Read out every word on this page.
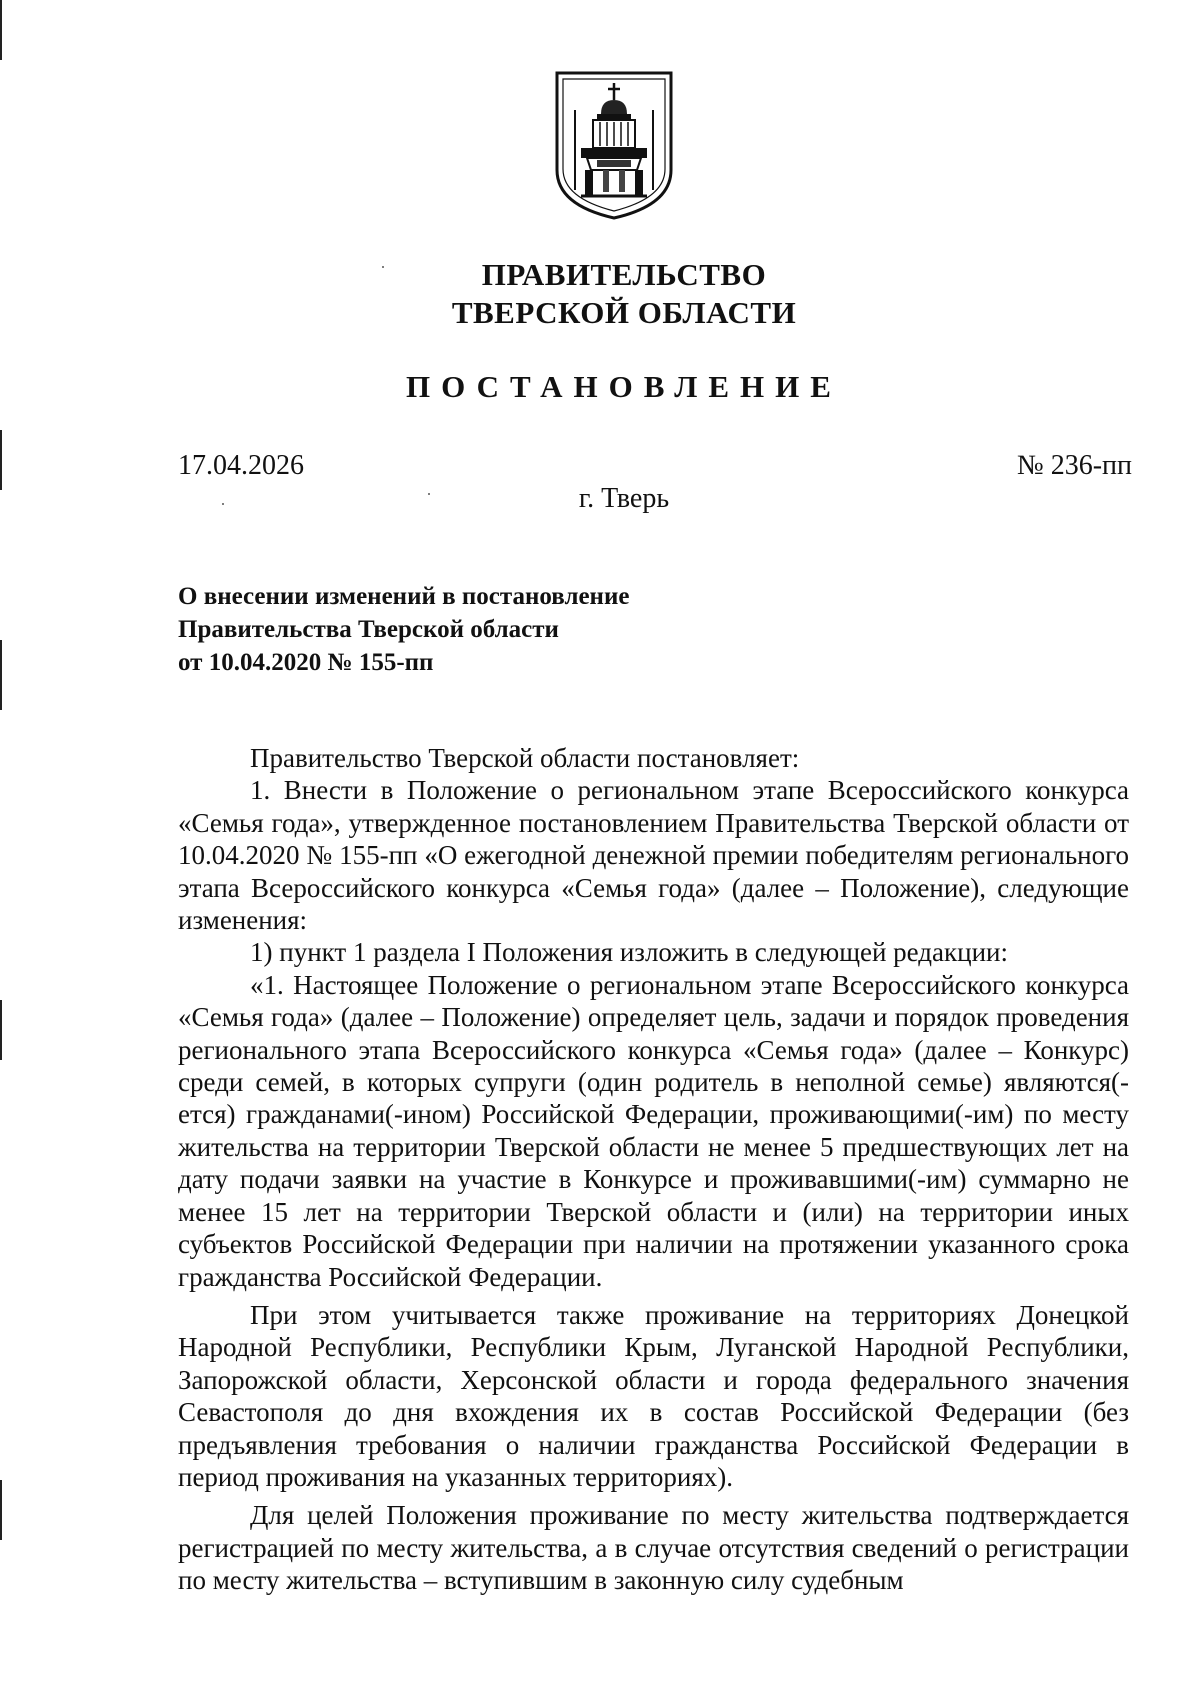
ПРАВИТЕЛЬСТВО
ТВЕРСКОЙ ОБЛАСТИ
ПОСТАНОВЛЕНИЕ
17.04.2026	№ 236-пп
г. Тверь
О внесении изменений в постановление
Правительства Тверской области
от 10.04.2020 № 155-пп

Правительство Тверской области постановляет:

1. Внести в Положение о региональном этапе Всероссийского конкурса «Семья года», утвержденное постановлением Правительства Тверской области от 10.04.2020 № 155-пп «О ежегодной денежной премии победителям регионального этапа Всероссийского конкурса «Семья года» (далее – Положение), следующие изменения:

1) пункт 1 раздела I Положения изложить в следующей редакции:

«1. Настоящее Положение о региональном этапе Всероссийского конкурса «Семья года» (далее – Положение) определяет цель, задачи и порядок проведения регионального этапа Всероссийского конкурса «Семья года» (далее – Конкурс) среди семей, в которых супруги (один родитель в неполной семье) являются(-ется) гражданами(-ином) Российской Федерации, проживающими(-им) по месту жительства на территории Тверской области не менее 5 предшествующих лет на дату подачи заявки на участие в Конкурсе и проживавшими(-им) суммарно не менее 15 лет на территории Тверской области и (или) на территории иных субъектов Российской Федерации при наличии на протяжении указанного срока гражданства Российской Федерации.

При этом учитывается также проживание на территориях Донецкой Народной Республики, Республики Крым, Луганской Народной Республики, Запорожской области, Херсонской области и города федерального значения Севастополя до дня вхождения их в состав Российской Федерации (без предъявления требования о наличии гражданства Российской Федерации в период проживания на указанных территориях).

Для целей Положения проживание по месту жительства подтверждается регистрацией по месту жительства, а в случае отсутствия сведений о регистрации по месту жительства – вступившим в законную силу судебным
